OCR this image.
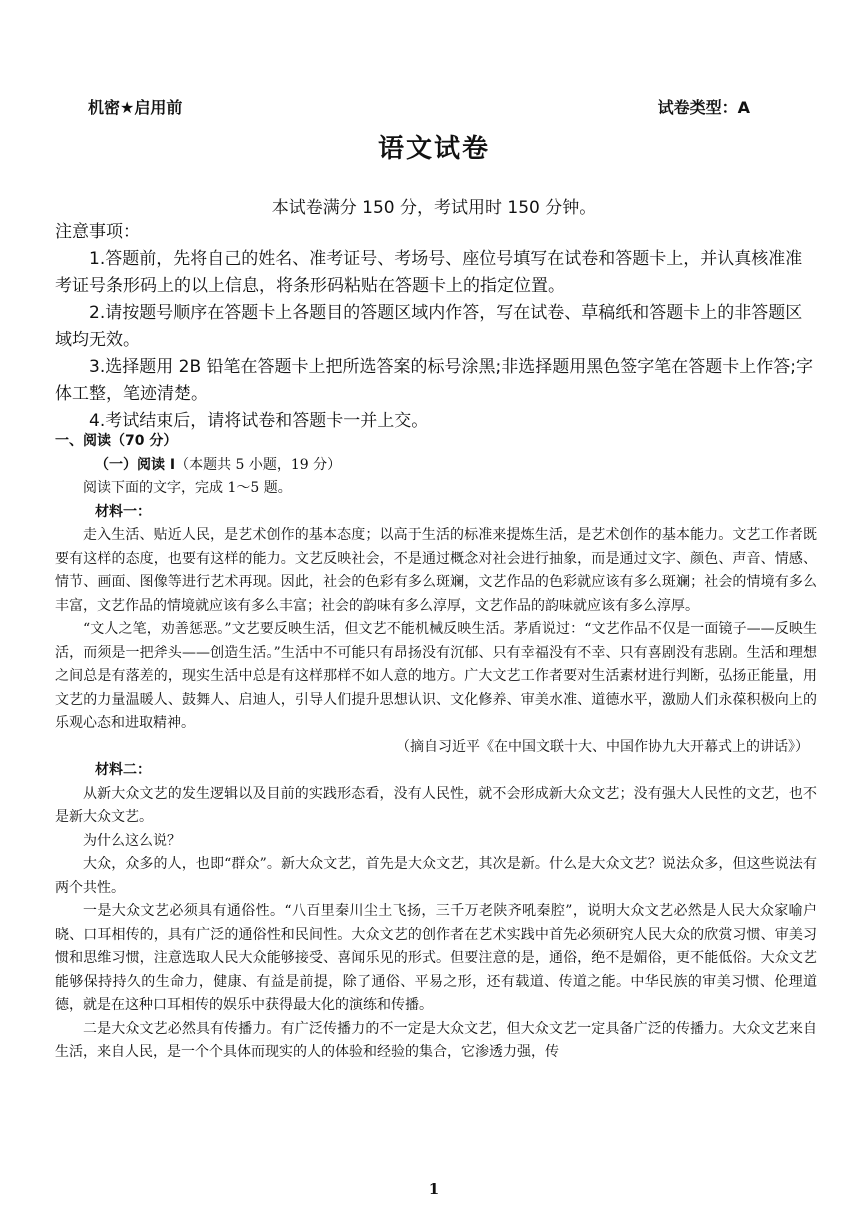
机密★启用前	试卷类型：A
语文试卷
本试卷满分 150 分，考试用时 150 分钟。

注意事项：

1.答题前，先将自己的姓名、准考证号、考场号、座位号填写在试卷和答题卡上，并认真核准准考证号条形码上的以上信息，将条形码粘贴在答题卡上的指定位置。

2.请按题号顺序在答题卡上各题目的答题区域内作答，写在试卷、草稿纸和答题卡上的非答题区域均无效。

3.选择题用 2B 铅笔在答题卡上把所选答案的标号涂黑;非选择题用黑色签字笔在答题卡上作答;字体工整，笔迹清楚。

4.考试结束后，请将试卷和答题卡一并上交。

一、阅读（70 分）

（一）阅读 I（本题共 5 小题，19 分）

阅读下面的文字，完成 1～5 题。

材料一：

走入生活、贴近人民，是艺术创作的基本态度；以高于生活的标准来提炼生活，是艺术创作的基本能力。文艺工作者既要有这样的态度，也要有这样的能力。文艺反映社会，不是通过概念对社会进行抽象，而是通过文字、颜色、声音、情感、情节、画面、图像等进行艺术再现。因此，社会的色彩有多么斑斓，文艺作品的色彩就应该有多么斑斓；社会的情境有多么丰富，文艺作品的情境就应该有多么丰富；社会的韵味有多么淳厚，文艺作品的韵味就应该有多么淳厚。

“文人之笔，劝善惩恶。”文艺要反映生活，但文艺不能机械反映生活。茅盾说过：“文艺作品不仅是一面镜子——反映生活，而须是一把斧头——创造生活。”生活中不可能只有昂扬没有沉郁、只有幸福没有不幸、只有喜剧没有悲剧。生活和理想之间总是有落差的，现实生活中总是有这样那样不如人意的地方。广大文艺工作者要对生活素材进行判断，弘扬正能量，用文艺的力量温暖人、鼓舞人、启迪人，引导人们提升思想认识、文化修养、审美水准、道德水平，激励人们永葆积极向上的乐观心态和进取精神。

（摘自习近平《在中国文联十大、中国作协九大开幕式上的讲话》）

材料二：

从新大众文艺的发生逻辑以及目前的实践形态看，没有人民性，就不会形成新大众文艺；没有强大人民性的文艺，也不是新大众文艺。

为什么这么说？

大众，众多的人，也即“群众”。新大众文艺，首先是大众文艺，其次是新。什么是大众文艺？说法众多，但这些说法有两个共性。

一是大众文艺必须具有通俗性。“八百里秦川尘土飞扬，三千万老陕齐吼秦腔”，说明大众文艺必然是人民大众家喻户晓、口耳相传的，具有广泛的通俗性和民间性。大众文艺的创作者在艺术实践中首先必须研究人民大众的欣赏习惯、审美习惯和思维习惯，注意选取人民大众能够接受、喜闻乐见的形式。但要注意的是，通俗，绝不是媚俗，更不能低俗。大众文艺能够保持持久的生命力，健康、有益是前提，除了通俗、平易之形，还有载道、传道之能。中华民族的审美习惯、伦理道德，就是在这种口耳相传的娱乐中获得最大化的演练和传播。

二是大众文艺必然具有传播力。有广泛传播力的不一定是大众文艺，但大众文艺一定具备广泛的传播力。大众文艺来自生活，来自人民，是一个个具体而现实的人的体验和经验的集合，它渗透力强，传

1
